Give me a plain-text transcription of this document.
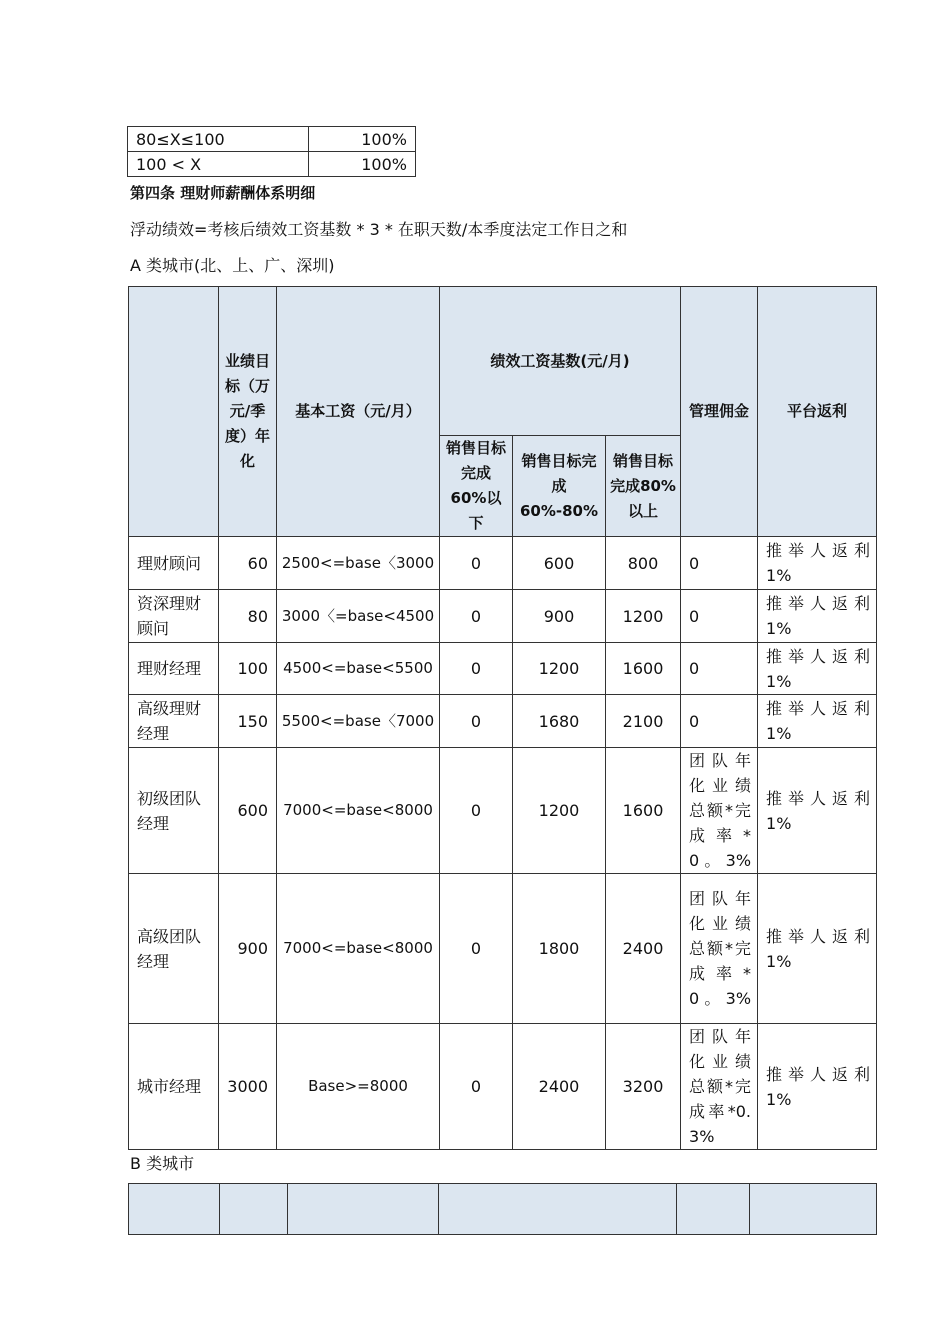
80≤X≤100	100%
100 < X	100%
第四条 理财师薪酬体系明细
浮动绩效=考核后绩效工资基数 * 3 * 在职天数/本季度法定工作日之和
A 类城市(北、上、广、深圳)
	业绩目标（万元/季度）年化	基本工资（元/月）	绩效工资基数(元/月)			管理佣金	平台返利
			销售目标完成60%以下	销售目标完成60%-80%	销售目标完成80%以上		
理财顾问	60	2500<=base〈3000	0	600	800	0	推举人返利1%
资深理财顾问	80	3000〈=base<4500	0	900	1200	0	推举人返利1%
理财经理	100	4500<=base<5500	0	1200	1600	0	推举人返利1%
高级理财经理	150	5500<=base〈7000	0	1680	2100	0	推举人返利1%
初级团队经理	600	7000<=base<8000	0	1200	1600	团队年化业绩总额*完成率*0。3%	推举人返利1%
高级团队经理	900	7000<=base<8000	0	1800	2400	团队年化业绩总额*完成率*0。3%	推举人返利1%
城市经理	3000	Base>=8000	0	2400	3200	团队年化业绩总额*完成率*0.3%	推举人返利1%
B 类城市
